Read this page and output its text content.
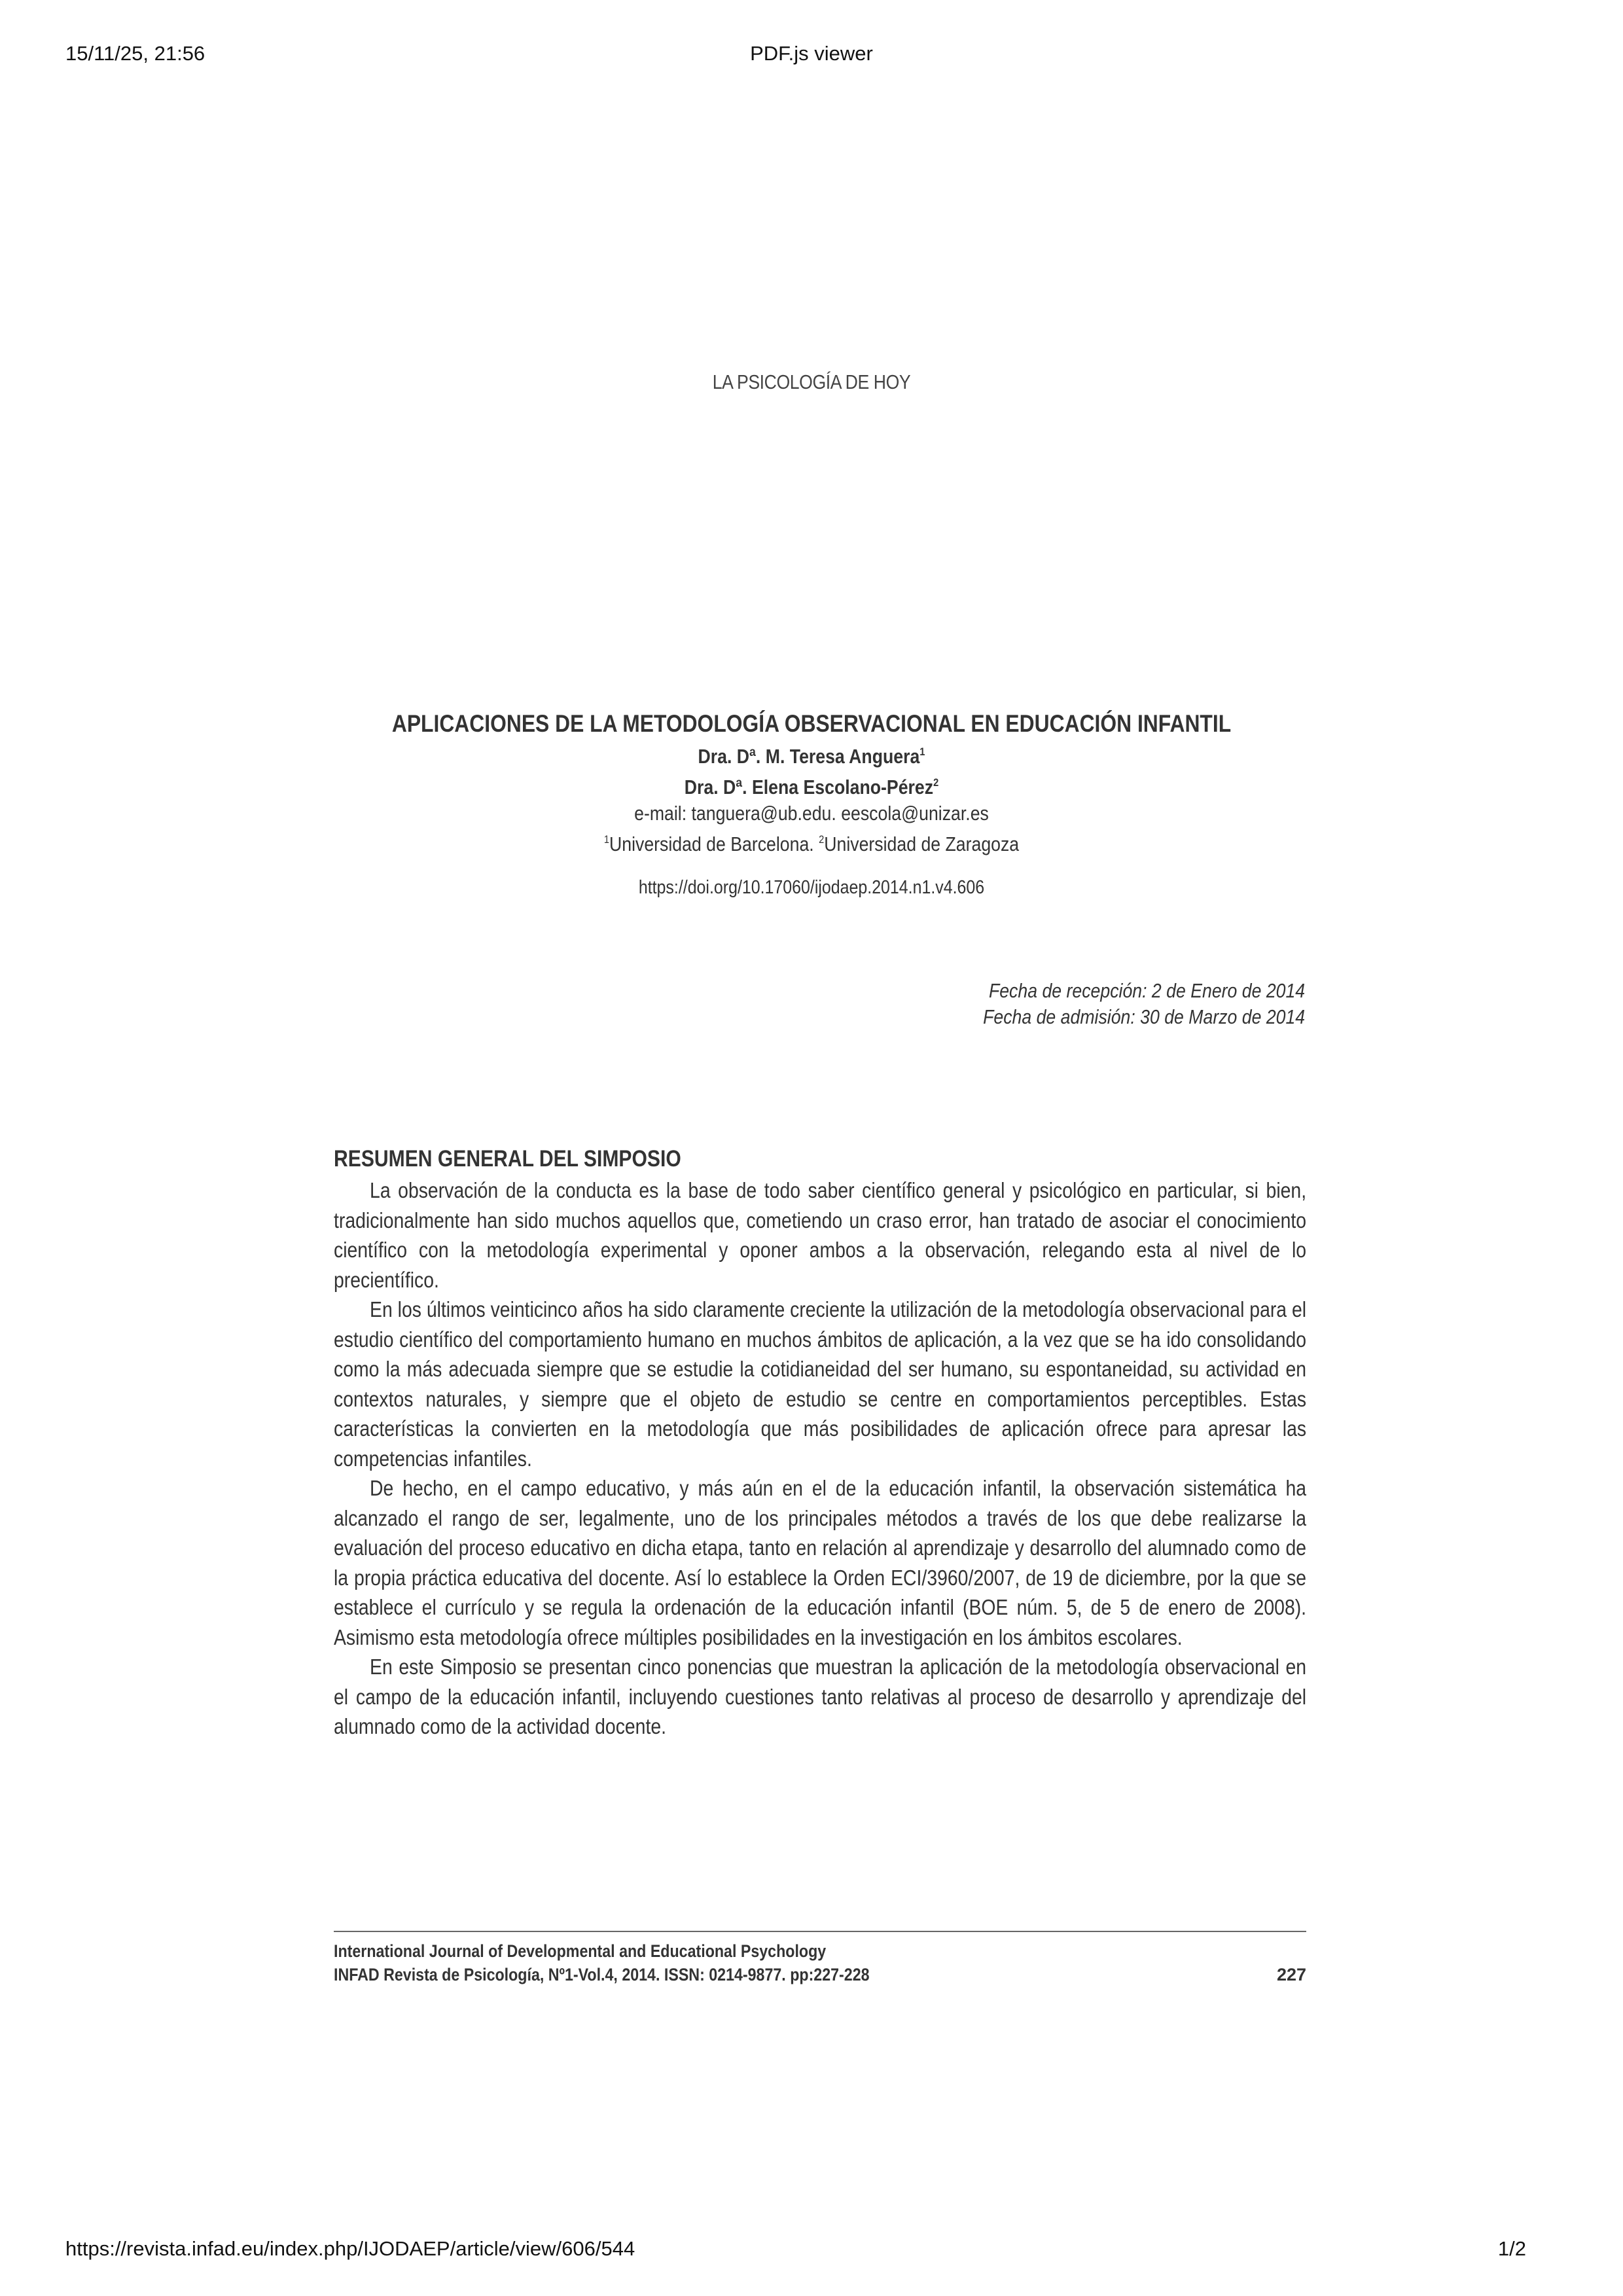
15/11/25, 21:56	PDF.js viewer
LA PSICOLOGÍA DE HOY
APLICACIONES DE LA METODOLOGÍA OBSERVACIONAL EN EDUCACIÓN INFANTIL
Dra. Dª. M. Teresa Anguera$^1$
Dra. Dª. Elena Escolano-Pérez$^2$
e-mail: tanguera@ub.edu. eescola@unizar.es
$^1$Universidad de Barcelona. $^2$Universidad de Zaragoza
https://doi.org/10.17060/ijodaep.2014.n1.v4.606
Fecha de recepción: 2 de Enero de 2014
Fecha de admisión: 30 de Marzo de 2014
RESUMEN GENERAL DEL SIMPOSIO

La observación de la conducta es la base de todo saber científico general y psicológico en particular, si bien, tradicionalmente han sido muchos aquellos que, cometiendo un craso error, han tratado de asociar el conocimiento científico con la metodología experimental y oponer ambos a la observación, relegando esta al nivel de lo precientífico.

En los últimos veinticinco años ha sido claramente creciente la utilización de la metodología observacional para el estudio científico del comportamiento humano en muchos ámbitos de aplicación, a la vez que se ha ido consolidando como la más adecuada siempre que se estudie la cotidianeidad del ser humano, su espontaneidad, su actividad en contextos naturales, y siempre que el objeto de estudio se centre en comportamientos perceptibles. Estas características la convierten en la metodología que más posibilidades de aplicación ofrece para apresar las competencias infantiles.

De hecho, en el campo educativo, y más aún en el de la educación infantil, la observación sistemática ha alcanzado el rango de ser, legalmente, uno de los principales métodos a través de los que debe realizarse la evaluación del proceso educativo en dicha etapa, tanto en relación al aprendizaje y desarrollo del alumnado como de la propia práctica educativa del docente. Así lo establece la Orden ECI/3960/2007, de 19 de diciembre, por la que se establece el currículo y se regula la ordenación de la educación infantil (BOE núm. 5, de 5 de enero de 2008). Asimismo esta metodología ofrece múltiples posibilidades en la investigación en los ámbitos escolares.

En este Simposio se presentan cinco ponencias que muestran la aplicación de la metodología observacional en el campo de la educación infantil, incluyendo cuestiones tanto relativas al proceso de desarrollo y aprendizaje del alumnado como de la actividad docente.

International Journal of Developmental and Educational Psychology
INFAD Revista de Psicología, Nº1-Vol.4, 2014. ISSN: 0214-9877. pp:227-228	227
https://revista.infad.eu/index.php/IJODAEP/article/view/606/544	1/2
